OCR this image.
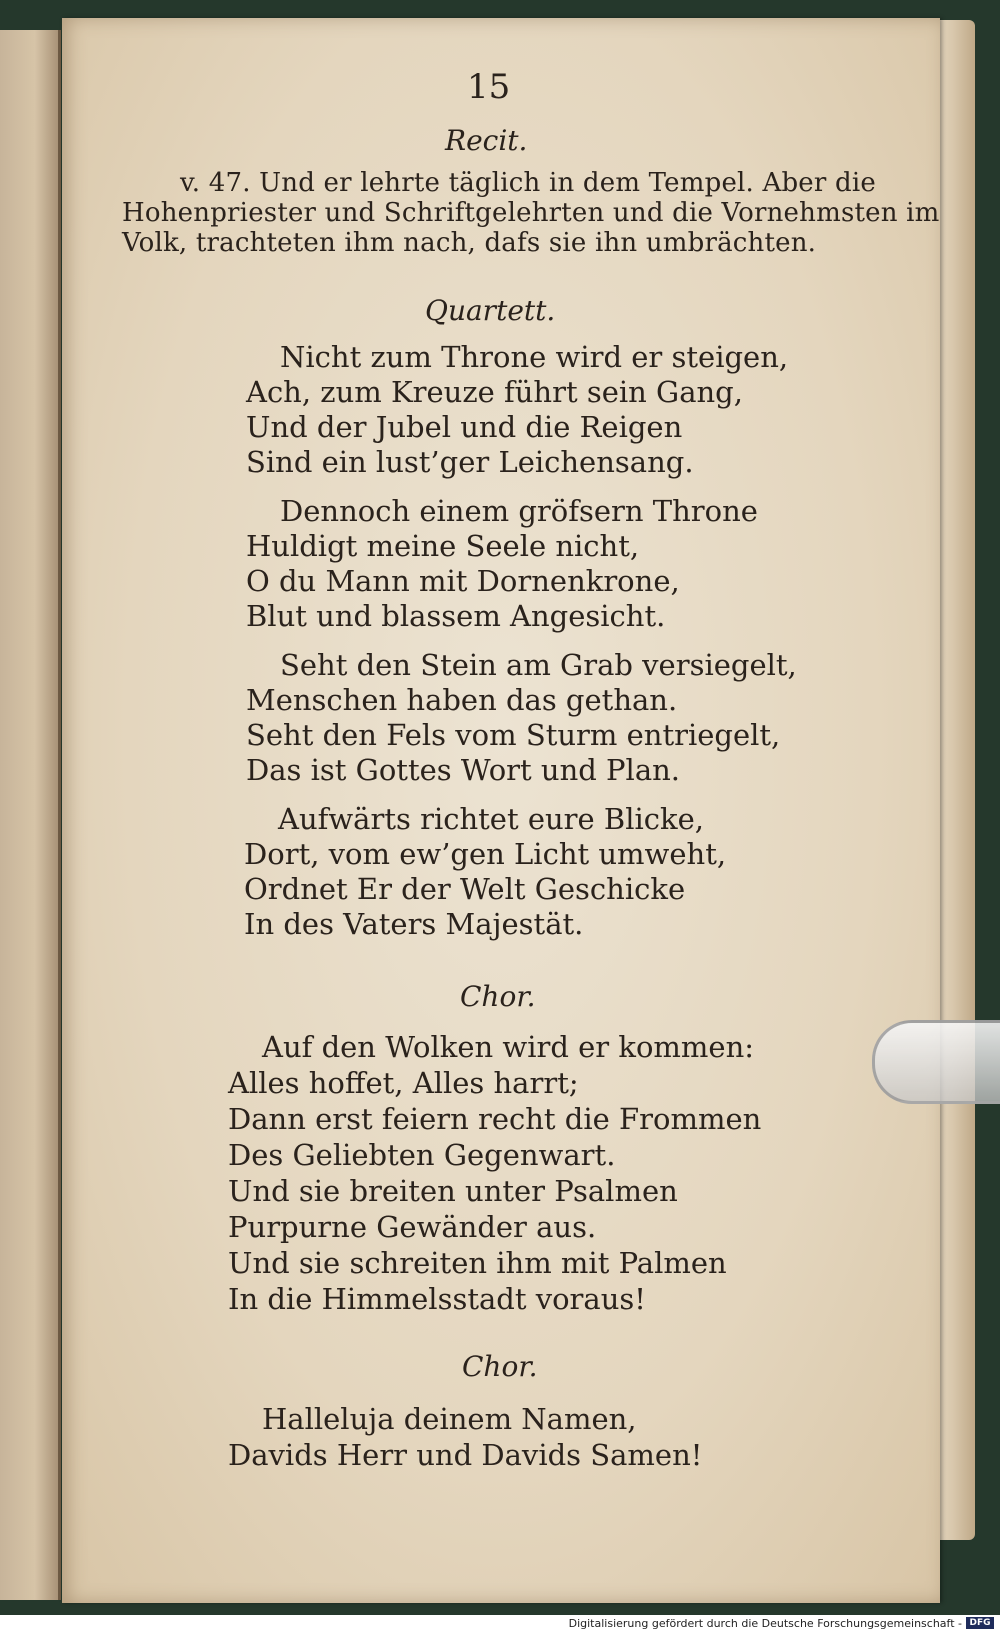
15
Recit.
v. 47. Und er lehrte täglich in dem Tempel. Aber die
Hohenpriester und Schriftgelehrten und die Vornehmsten im
Volk, trachteten ihm nach, dafs sie ihn umbrächten.
Quartett.
Nicht zum Throne wird er steigen,
Ach, zum Kreuze führt sein Gang,
Und der Jubel und die Reigen
Sind ein lust’ger Leichensang.
Dennoch einem gröfsern Throne
Huldigt meine Seele nicht,
O du Mann mit Dornenkrone,
Blut und blassem Angesicht.
Seht den Stein am Grab versiegelt,
Menschen haben das gethan.
Seht den Fels vom Sturm entriegelt,
Das ist Gottes Wort und Plan.
Aufwärts richtet eure Blicke,
Dort, vom ew’gen Licht umweht,
Ordnet Er der Welt Geschicke
In des Vaters Majestät.
Chor.
Auf den Wolken wird er kommen:
Alles hoffet, Alles harrt;
Dann erst feiern recht die Frommen
Des Geliebten Gegenwart.
Und sie breiten unter Psalmen
Purpurne Gewänder aus.
Und sie schreiten ihm mit Palmen
In die Himmelsstadt voraus!
Chor.
Halleluja deinem Namen,
Davids Herr und Davids Samen!
Digitalisierung gefördert durch die Deutsche Forschungsgemeinschaft - DFG
